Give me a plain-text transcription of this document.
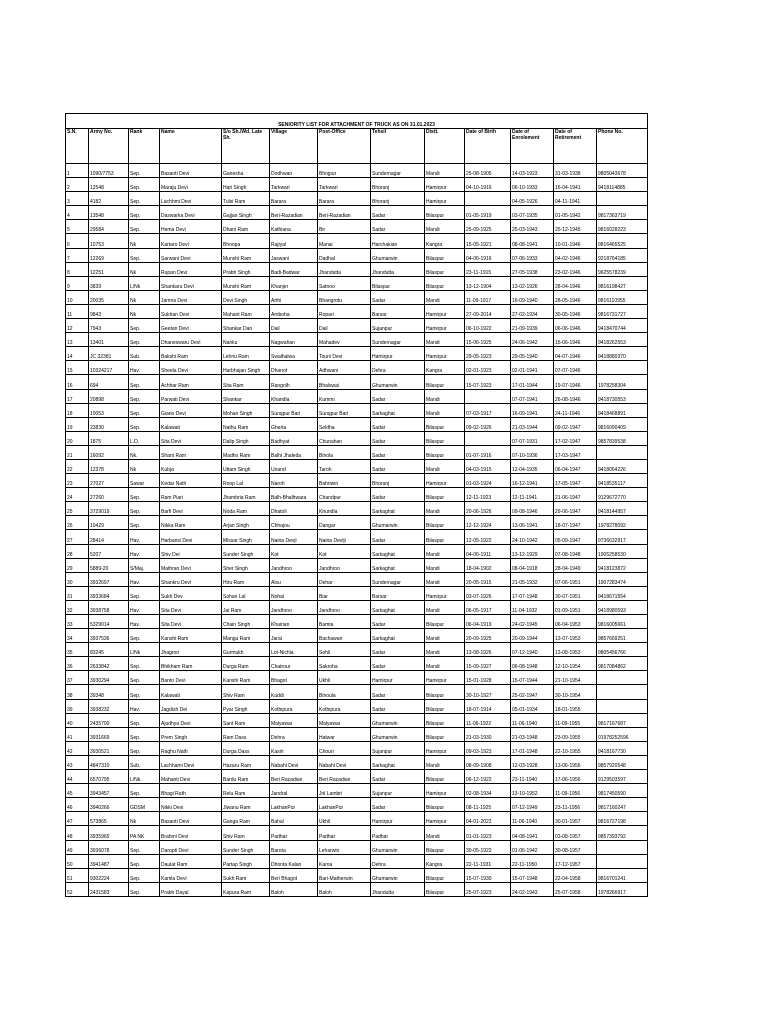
SENIORITY LIST FOR ATTACHMENT OF TRUCK AS ON 31.01.2023												
S.N.	Army No.	Rank	Name	S/o Sh./Wd. Late Sh.	Village	Post-Office	Tehsil	Distt.	Date of Birth	Date of Enrolement	Date of Retirement	Phone No.
1	1090/7753	Sep.	Basanti Devi	Ganesha	Dodhwan	Bhojpur	Sundernagar	Mandi	25-08-1905	14-03-1923	31-03-1938	9805043678
2	12548	Sep.	Maraju Devi	Hari Singh	Tarkwari	Tarkwari	Bhoranj	Hamirpur	04-10-1916	06-10-1933	16-04-1941	9418114885
3	4182	Sep.	Lachhmi Devi	Tulsi Ram	Barara	Barara	Bhoranj	Hamirpur		04-05-1926	04-11-1941	
4	13548	Sep.	Daswarka Devi	Gajjan Singh	Beri-Razadian	Beri-Razadian	Sadar	Bilaspur	01-05-1919	03-07-1935	01-05-1942	9817363719
5	29584	Sep.	Hema Devi	Dhani Ram	Kathiana	Bir	Sadar	Mandi	25-09-1925	25-03-1943	25-12-1945	9816028223
6	10753	Nk	Kartaro Devi	Bhoopa	Rajiyal	Manai	Harchakian	Kangra	15-05-1921	08-08-1941	10-01-1946	9816465525
7	12269	Sep.	Sarwani Devi	Munshi Ram	Jaswani	Dadhal	Ghumarwin	Bilaspur	04-06-1916	07-06-1933	04-02-1946	9218764185
8	12251	Nk	Rupan Devi	Prabh Singh	Badi-Badwar	Jhandutta	Jhandutta	Bilaspur	23-11-1915	27-05-1938	23-02-1946	9625578239
9	3839	L/Nk	Shankaru Devi	Munshi Ram	Khanjer	Satnoo	Bilaspur	Bilaspur	13-12-1904	13-02-1926	28-04-1946	9816198427
10	20035	Nk	Jamna Devi	Devi Singh	Arthi	Bhangrotu	Sadar	Mandi	11-09-1917	16-09-1940	28-05-1946	9816110955
11	9843	Nk	Sukhan Devi	Mahant Ram	Amboha	Ropari	Barsar	Hamirpur	27-09-2014	27-02-1934	30-05-1946	9816731727
12	7943	Sep.	Geetan Devi	Shankar Dan	Dail	Dail	Sujanpur	Hamirpur	06-10-1922	21-09-1939	06-06-1946	9418470744
13	13401	Sep.	Dhaneswaru Devi	Nanku	Nagwahan	Mahadev	Sundernagar	Mandi	15-06-1925	24-06-1942	15-06-1946	9418262553
14	JC 32381	Sub.	Bakshi Ram	Lehnu Ram	Swalhalwa	Touni Devi	Hamirpur	Hamirpur	29-05-1923	29-05-1940	04-07-1946	9418880370
15	10324217	Hav.	Sheela Devi	Harbhajan Singh	Dhanot	Adhwani	Dehra	Kangra	02-01-1923	02-01-1941	07-07-1946	
16	694	Sep.	Achhar Ram	Sita Ram	Rangolh	Bhalswai	Ghumarwin	Bilaspur	15-07-1923	17-01-1944	19-07-1946	1978258304
17	20898	Sep.	Parwati Devi	Shankar	Khandla	Kummi	Sadar	Mandi		07-07-1941	26-08-1946	9418730553
18	10053	Sep.	Giano Devi	Mohan Singh	Surajpur Bari	Surajpur Bari	Sarkaghat	Mandi	07-03-1917	16-09-1941	24-11-1946	9418468891
19	23830	Sep.	Kalawati	Nathu Ram	Gherta	Seldha	Sadar	Bilaspur	09-02-1926	21-03-1944	09-02-1947	9816090409
20	1875	L.D.	Sita Devi	Dalip Singh	Badhyat	Chunahan	Sadar	Bilaspur		07-07-1931	17-02-1947	9857839538
21	16092	Nk.	Shant Ram	Madho Ram	Balhi Jhaleda	Binola	Sadar	Bilaspur	01-07-1916	07-10-1936	17-03-1947	
22	12378	Nk	Kubja	Uttam Singh	Unand	Taroh	Sadar	Mandi	04-03-1915	12-04-1935	06-04-1947	9418064226
23	27027	Sawar	Kedar Nath	Roop Lal	Naroh	Bahnwin	Bhoranj	Hamirpur	01-03-1924	16-12-1941	17-05-1947	9418535117
24	27260	Sep.	Ram Piari	Jhambria Ram	Balh-Bhalhwara	Chandpur	Sadar	Bilaspur	12-11-1923	12-11-1941	21-06-1947	9129672770
25	3729019	Sep.	Barfi Devi	Noda Ram	Dhatoli	Khundla	Sarkaghat	Mandi	20-06-1926	09-08-1946	29-06-1947	9418144957
26	10429	Sep.	Nikka Ram	Arjan Singh	Chhajou	Dangar	Ghumarwin	Bilaspur	12-12-1924	13-06-1941	18-07-1947	1978278092
27	28414	Hav.	Harbansi Devi	Missar Singh	Naina Devji	Naina Devlji	Sadar	Bilaspur	12-05-1922	24-10-1942	05-09-1947	9736632917
28	5207	Hav.	Shiv Dei	Sunder Singh	Kot	Kot	Sarkaghat	Mandi	04-06-1911	13-12-1929	07-08-1948	1905258530
29	5889-20	S/Maj.	Mathran Devi	Sher Singh	Jandhroo	Jandhroo	Sarkaghat	Mandi	18-04-1902	08-04-1918	28-04-1949	9418123872
30	3932697	Hav.	Shankru Devi	Hiru Ram	Alsu	Dehar	Sundernagar	Mandi	20-05-1915	21-05-1932	07-06-1951	1907283474
31	3933684	Sep.	Sukh Dev	Sohan Lal	Nohal	Biar	Barsar	Hamirpur	03-07-1926	17-07-1948	30-07-1951	9418671554
32	3938758	Hav.	Sita Devi	Jai Ram	Jandhroo	Jandhroo	Sarkaghat	Mandi	06-05-1917	11-04-1932	01-09-1951	9418980593
33	5329014	Hav.	Sita Devi	Chain Singh	Khairian	Bamta	Sadar	Bilaspur	06-04-1919	24-02-1945	06-04-1953	9816005661
34	3937536	Sep.	Kanshi Ram	Mangu Ram	Jaral	Bachawan	Sarkaghat	Mandi	20-09-1925	20-09-1944	13-07-1953	9857669251
35	83245	L/Nk	Jhagroo	Gurmukh	Lot-Nichla	Sehli	Sadar	Mandi	13-08-1926	07-12-1940	13-08-1953	9805456766
36	2633842	Sep.	Bhikham Ram	Durga Ram	Chatrour	Sakroha	Sadar	Mandi	15-09-1927	06-08-1948	12-10-1954	9817084862
37	3930294	Sep.	Banto Devi	Kanshi Ram	Bhagot	Ukhli	Hamirpur	Hamirpur	15-01-1928	15-07-1944	21-10-1954	
38	39348	Sep.	Kalawati	Shiv Ram	Kuddi	Binoula	Sadar	Bilaspur	30-10-1927	25-02-1947	30-10-1954	
39	3938232	Hav.	Jagdish Dei	Pyar Singh	Kothipura	Kothipura	Sadar	Bilaspur	18-07-1914	05-01-1934	18-01-1955	
40	2435700	Sep.	Ajudhya Devi	Sant Ram	Malyawar	Malyawar	Ghumarwin	Bilaspur	11-06-1922	11-06-1940	11-09-1955	9817167687
41	3931669	Sep.	Prem Singh	Ram Dass	Dehra	Hatwar	Ghumarwin	Bilaspur	21-03-1930	21-03-1948	23-09-1955	01978252596
42	3930521	Sep.	Raghu Nath	Durga Dass	Kasiri	Chouri	Sujanpur	Hamirpur	09-03-1923	17-01-1948	22-10-1955	9418167730
43	4847310	Sub.	Lachhami Devi	Hazaru Ram	Nabahi Devi	Nabahi Devi	Sarkaghat	Mandi	08-09-1908	12-03-1928	13-06-1956	9857920548
44	6570795	L/Nk.	Mahanti Devi	Bardu Ram	Beri Razadian	Beri Razadian	Sadar	Bilaspur	06-12-1922	23-11-1940	17-06-1956	9129503597
45	3943457	Sep.	Bhagi Rath	Relu Ram	Jandral	Jol Lambri	Sujanpur	Hamirpur	02-08-1934	13-10-1952	11-09-1956	9817450590
46	3940266	GDSM	Nikki Devi	Jiwanu Ram	LakhanPur	LakhanPur	Sadar	Bilaspur	08-11-1925	07-12-1949	23-11-1956	9817160247
47	573865	Nk	Basanti Devi	Ganga Ram	Bahal	Ukhli	Hamirpur	Hamirpur	04-01-2022	11-06-1940	30-01-1957	9816727198
48	3935965	PA NK	Brahmi Devi	Shiv Ram	Padhar	Padhar	Padhar	Mandi	01-01-1923	04-08-1941	03-08-1957	9857393792
49	3936078	Sep.	Daropti Devi	Sunder Singh	Barota	Leharwin	Ghumarwin	Bilaspur	30-05-1922	01-06-1942	30-08-1957	
50	3941487	Sep.	Daulat Ram	Partap Singh	Dhonta Kalan	Karoa	Dehra	Kangra	22-11-1931	22-11-1950	17-12-1957	
51	9302224	Sep.	Kamla Devi	Sukh Ram	Beri Bhagot	Bari-Matherwin	Ghumarwin	Bilaspur	15-07-1930	15-07-1948	22-04-1958	9816701241
52	2431583	Sep.	Prabh Dayal	Kapura Ram	Baloh	Baloh	Jhandutta	Bilaspur	25-07-1923	24-02-1943	25-07-1958	1978266917
